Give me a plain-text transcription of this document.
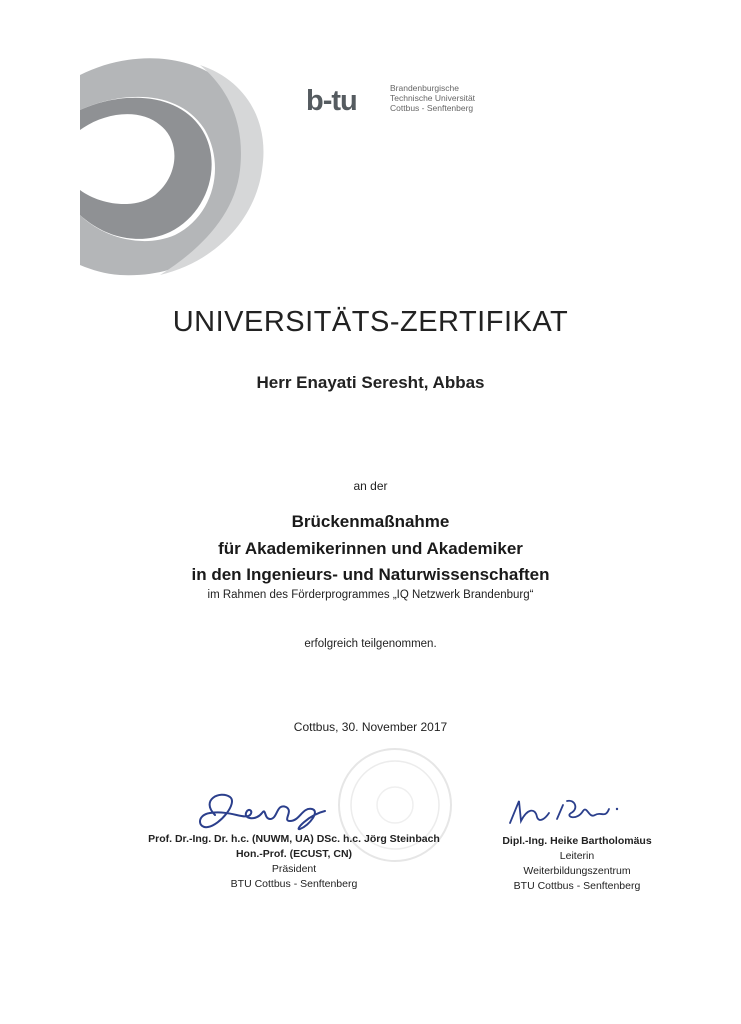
b-tu	Brandenburgische
Technische Universität
Cottbus - Senftenberg
UNIVERSITÄTS-ZERTIFIKAT
Herr Enayati Seresht, Abbas
an der
Brückenmaßnahme
für Akademikerinnen und Akademiker
in den Ingenieurs- und Naturwissenschaften
im Rahmen des Förderprogrammes „IQ Netzwerk Brandenburg“
erfolgreich teilgenommen.
Cottbus, 30. November 2017
Prof. Dr.-Ing. Dr. h.c. (NUWM, UA) DSc. h.c. Jörg Steinbach
Hon.-Prof. (ECUST, CN)
Präsident
BTU Cottbus - Senftenberg
Dipl.-Ing. Heike Bartholomäus
Leiterin
Weiterbildungszentrum
BTU Cottbus - Senftenberg
